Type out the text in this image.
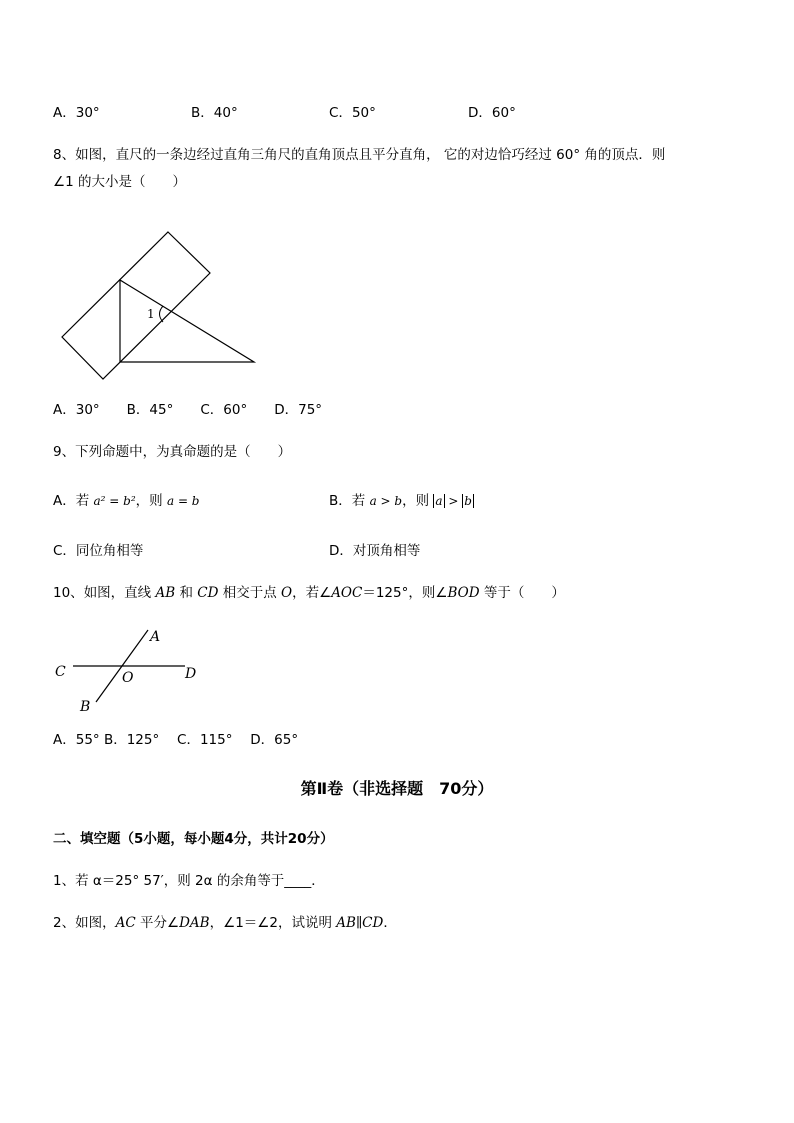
A．30°	B．40°	C．50°	D．60°
8、如图，直尺的一条边经过直角三角尺的直角顶点且平分直角， 它的对边恰巧经过 60° 角的顶点．则
∠1 的大小是（　　）
1
A．30°　　B．45°　　C．60°　　D．75°
9、下列命题中，为真命题的是（　　）
A．若 a² = b²，则 a = b	B．若 a > b，则 a > b
C．同位角相等	D．对顶角相等
10、如图，直线 AB 和 CD 相交于点 O，若∠AOC＝125°，则∠BOD 等于（　　）
A
C	D
O
B
A．55° B．125°　 C．115°　 D．65°
第Ⅱ卷（非选择题　70分）
二、填空题（5小题，每小题4分，共计20分）
1、若 α＝25° 57′，则 2α 的余角等于____．
2、如图，AC 平分∠DAB，∠1＝∠2，试说明 AB∥CD．
